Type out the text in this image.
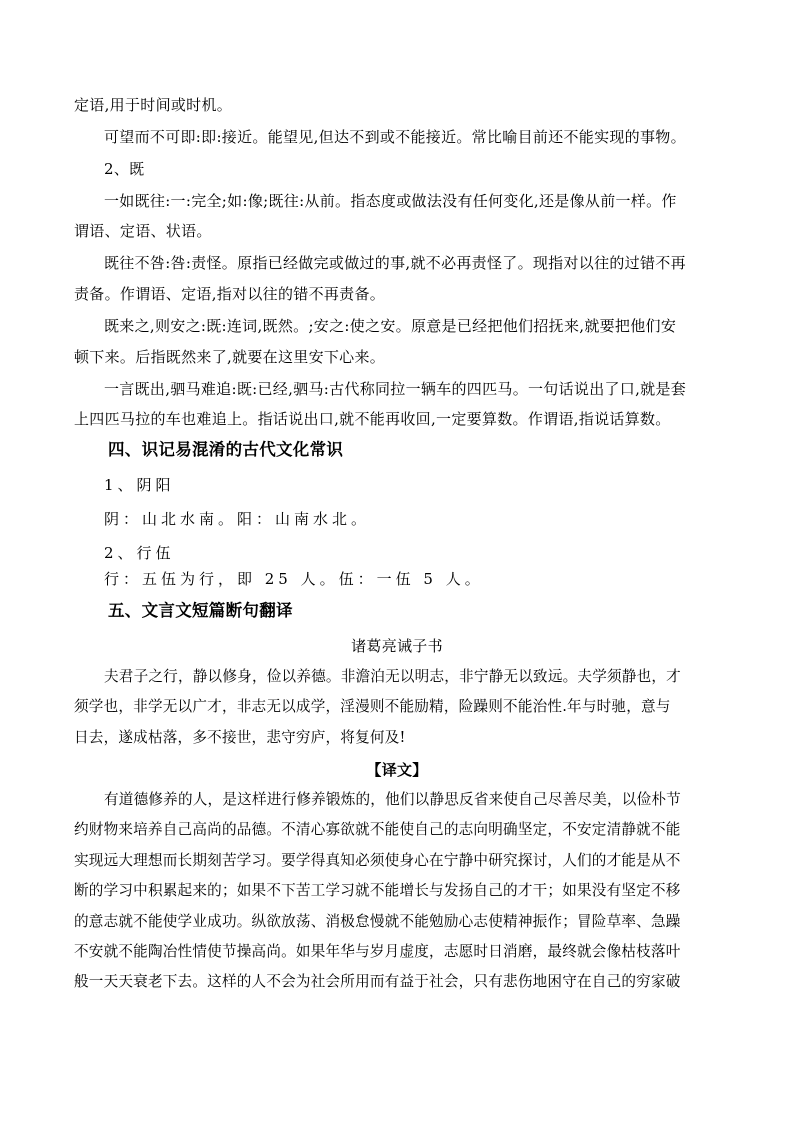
定语,用于时间或时机。
可望而不可即:即:接近。能望见,但达不到或不能接近。常比喻目前还不能实现的事物。
2、既
一如既往:一:完全;如:像;既往:从前。指态度或做法没有任何变化,还是像从前一样。作
谓语、定语、状语。
既往不咎:咎:责怪。原指已经做完或做过的事,就不必再责怪了。现指对以往的过错不再
责备。作谓语、定语,指对以往的错不再责备。
既来之,则安之:既:连词,既然。;安之:使之安。原意是已经把他们招抚来,就要把他们安
顿下来。后指既然来了,就要在这里安下心来。
一言既出,驷马难追:既:已经,驷马:古代称同拉一辆车的四匹马。一句话说出了口,就是套
上四匹马拉的车也难追上。指话说出口,就不能再收回,一定要算数。作谓语,指说话算数。
四、识记易混淆的古代文化常识
1、阴阳
阴：山北水南。阳：山南水北。
2、行伍
行：五伍为行，即 25 人。伍：一伍 5 人。
五、文言文短篇断句翻译
诸葛亮诫子书
夫君子之行，静以修身，俭以养德。非澹泊无以明志，非宁静无以致远。夫学须静也，才
须学也，非学无以广才，非志无以成学，淫漫则不能励精，险躁则不能治性.年与时驰，意与
日去，遂成枯落，多不接世，悲守穷庐，将复何及!
【译文】
有道德修养的人，是这样进行修养锻炼的，他们以静思反省来使自己尽善尽美，以俭朴节
约财物来培养自己高尚的品德。不清心寡欲就不能使自己的志向明确坚定，不安定清静就不能
实现远大理想而长期刻苦学习。要学得真知必须使身心在宁静中研究探讨，人们的才能是从不
断的学习中积累起来的；如果不下苦工学习就不能增长与发扬自己的才干；如果没有坚定不移
的意志就不能使学业成功。纵欲放荡、消极怠慢就不能勉励心志使精神振作；冒险草率、急躁
不安就不能陶冶性情使节操高尚。如果年华与岁月虚度，志愿时日消磨，最终就会像枯枝落叶
般一天天衰老下去。这样的人不会为社会所用而有益于社会，只有悲伤地困守在自己的穷家破
